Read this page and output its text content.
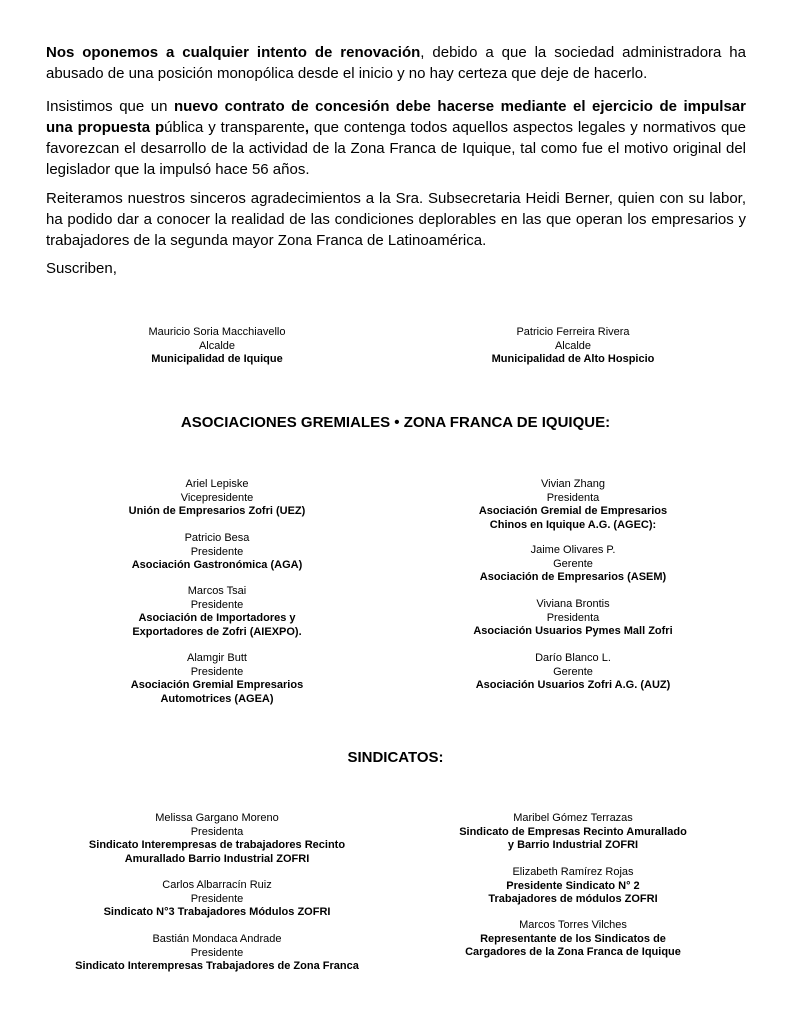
Nos oponemos a cualquier intento de renovación, debido a que la sociedad administradora ha abusado de una posición monopólica desde el inicio y no hay certeza que deje de hacerlo.
Insistimos que un nuevo contrato de concesión debe hacerse mediante el ejercicio de impulsar una propuesta pública y transparente, que contenga todos aquellos aspectos legales y normativos que favorezcan el desarrollo de la actividad de la Zona Franca de Iquique, tal como fue el motivo original del legislador que la impulsó hace 56 años.
Reiteramos nuestros sinceros agradecimientos a la Sra. Subsecretaria Heidi Berner, quien con su labor, ha podido dar a conocer la realidad de las condiciones deplorables en las que operan los empresarios y trabajadores de la segunda mayor Zona Franca de Latinoamérica.
Suscriben,
Mauricio Soria Macchiavello
Alcalde
Municipalidad de Iquique
Patricio Ferreira Rivera
Alcalde
Municipalidad de Alto Hospicio
ASOCIACIONES GREMIALES • ZONA FRANCA DE IQUIQUE:
Ariel Lepiske
Vicepresidente
Unión de Empresarios Zofri (UEZ)
Patricio Besa
Presidente
Asociación Gastronómica (AGA)
Marcos Tsai
Presidente
Asociación de Importadores y
Exportadores de Zofri (AIEXPO).
Alamgir Butt
Presidente
Asociación Gremial Empresarios
Automotrices (AGEA)
Vivian Zhang
Presidenta
Asociación Gremial de Empresarios
Chinos en Iquique A.G. (AGEC):
Jaime Olivares P.
Gerente
Asociación de Empresarios (ASEM)
Viviana Brontis
Presidenta
Asociación Usuarios Pymes Mall Zofri
Darío Blanco L.
Gerente
Asociación Usuarios Zofri A.G. (AUZ)
SINDICATOS:
Melissa Gargano Moreno
Presidenta
Sindicato Interempresas de trabajadores Recinto
Amurallado Barrio Industrial ZOFRI
Carlos Albarracín Ruiz
Presidente
Sindicato N°3 Trabajadores Módulos ZOFRI
Bastián Mondaca Andrade
Presidente
Sindicato Interempresas Trabajadores de Zona Franca
Maribel Gómez Terrazas
Sindicato de Empresas Recinto Amurallado
y Barrio Industrial ZOFRI
Elizabeth Ramírez Rojas
Presidente Sindicato N° 2
Trabajadores de módulos ZOFRI
Marcos Torres Vilches
Representante de los Sindicatos de
Cargadores de la Zona Franca de Iquique
